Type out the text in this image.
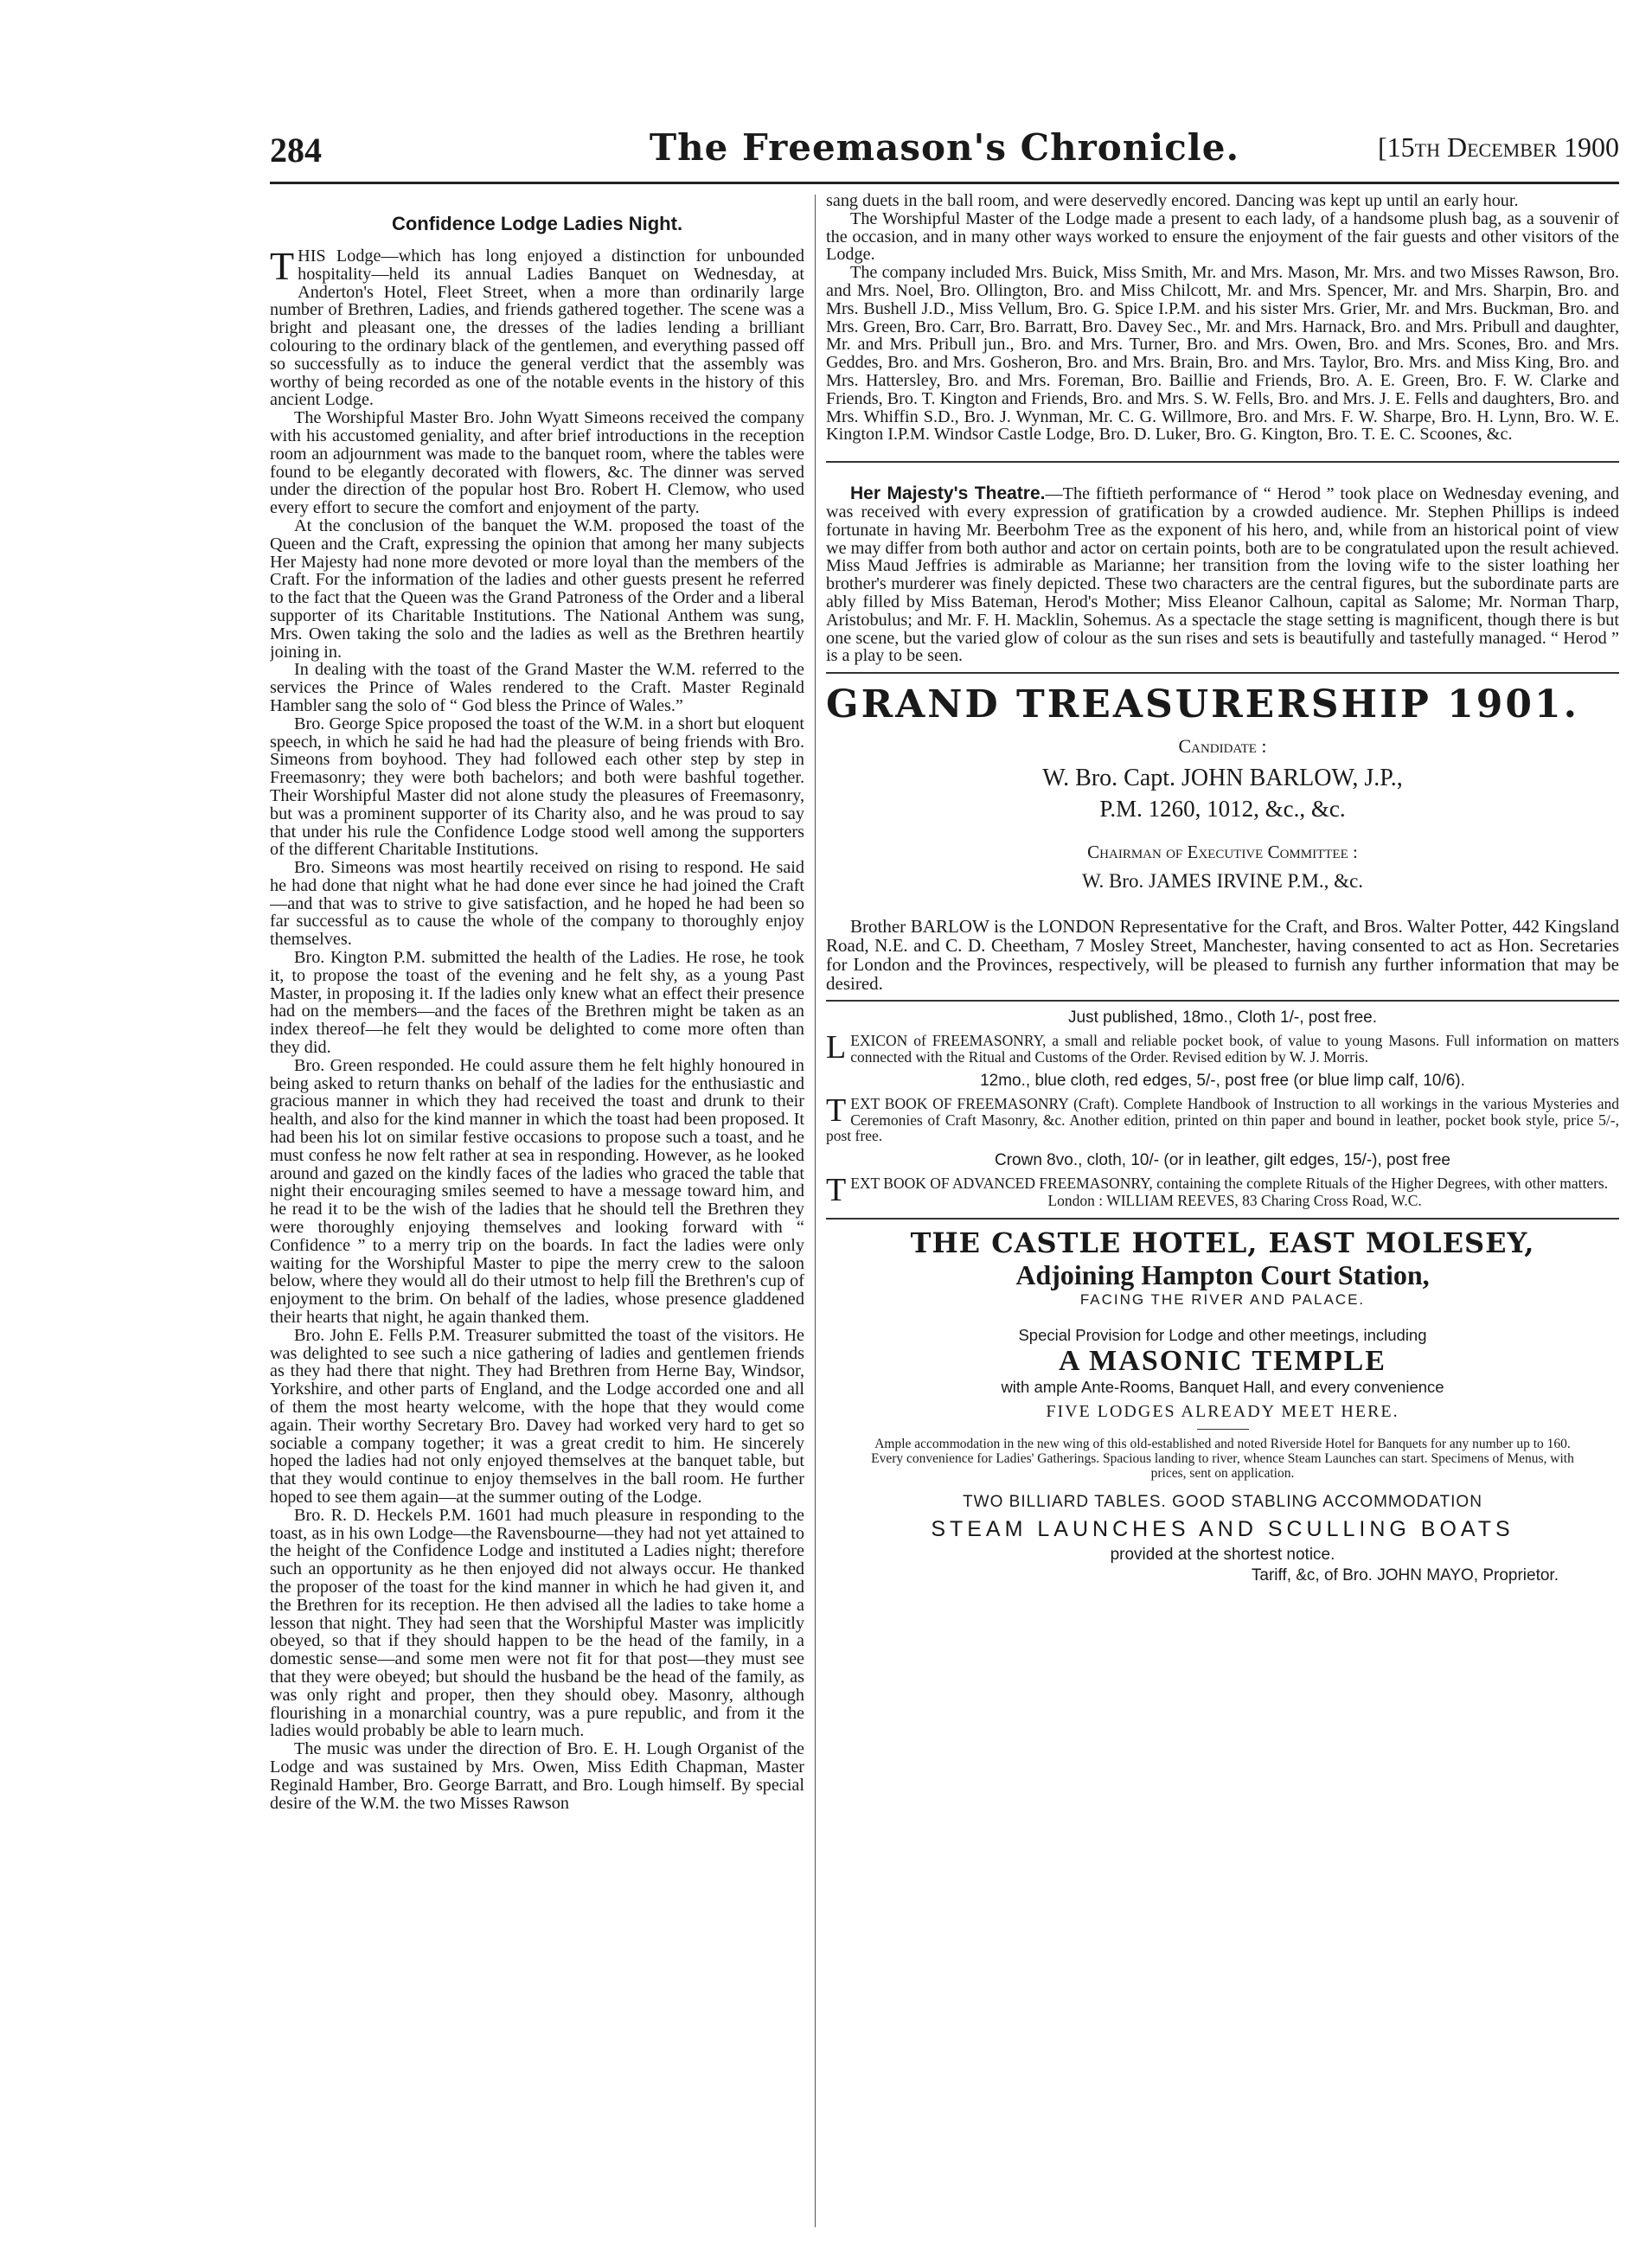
284	The Freemason's Chronicle.	[15th December 1900
Confidence Lodge Ladies Night.

THIS Lodge—which has long enjoyed a distinction for unbounded hospitality—held its annual Ladies Banquet on Wednesday, at Anderton's Hotel, Fleet Street, when a more than ordinarily large number of Brethren, Ladies, and friends gathered together. The scene was a bright and pleasant one, the dresses of the ladies lending a brilliant colouring to the ordinary black of the gentlemen, and everything passed off so successfully as to induce the general verdict that the assembly was worthy of being recorded as one of the notable events in the history of this ancient Lodge.

The Worshipful Master Bro. John Wyatt Simeons received the company with his accustomed geniality, and after brief introductions in the reception room an adjournment was made to the banquet room, where the tables were found to be elegantly decorated with flowers, &c. The dinner was served under the direction of the popular host Bro. Robert H. Clemow, who used every effort to secure the comfort and enjoyment of the party.

At the conclusion of the banquet the W.M. proposed the toast of the Queen and the Craft, expressing the opinion that among her many subjects Her Majesty had none more devoted or more loyal than the members of the Craft. For the information of the ladies and other guests present he referred to the fact that the Queen was the Grand Patroness of the Order and a liberal supporter of its Charitable Institutions. The National Anthem was sung, Mrs. Owen taking the solo and the ladies as well as the Brethren heartily joining in.

In dealing with the toast of the Grand Master the W.M. referred to the services the Prince of Wales rendered to the Craft. Master Reginald Hambler sang the solo of “ God bless the Prince of Wales.”

Bro. George Spice proposed the toast of the W.M. in a short but eloquent speech, in which he said he had had the pleasure of being friends with Bro. Simeons from boyhood. They had followed each other step by step in Freemasonry; they were both bachelors; and both were bashful together. Their Worshipful Master did not alone study the pleasures of Freemasonry, but was a prominent supporter of its Charity also, and he was proud to say that under his rule the Confidence Lodge stood well among the supporters of the different Charitable Institutions.

Bro. Simeons was most heartily received on rising to respond. He said he had done that night what he had done ever since he had joined the Craft—and that was to strive to give satisfaction, and he hoped he had been so far successful as to cause the whole of the company to thoroughly enjoy themselves.

Bro. Kington P.M. submitted the health of the Ladies. He rose, he took it, to propose the toast of the evening and he felt shy, as a young Past Master, in proposing it. If the ladies only knew what an effect their presence had on the members—and the faces of the Brethren might be taken as an index thereof—he felt they would be delighted to come more often than they did.

Bro. Green responded. He could assure them he felt highly honoured in being asked to return thanks on behalf of the ladies for the enthusiastic and gracious manner in which they had received the toast and drunk to their health, and also for the kind manner in which the toast had been proposed. It had been his lot on similar festive occasions to propose such a toast, and he must confess he now felt rather at sea in responding. However, as he looked around and gazed on the kindly faces of the ladies who graced the table that night their encouraging smiles seemed to have a message toward him, and he read it to be the wish of the ladies that he should tell the Brethren they were thoroughly enjoying themselves and looking forward with “ Confidence ” to a merry trip on the boards. In fact the ladies were only waiting for the Worshipful Master to pipe the merry crew to the saloon below, where they would all do their utmost to help fill the Brethren's cup of enjoyment to the brim. On behalf of the ladies, whose presence gladdened their hearts that night, he again thanked them.

Bro. John E. Fells P.M. Treasurer submitted the toast of the visitors. He was delighted to see such a nice gathering of ladies and gentlemen friends as they had there that night. They had Brethren from Herne Bay, Windsor, Yorkshire, and other parts of England, and the Lodge accorded one and all of them the most hearty welcome, with the hope that they would come again. Their worthy Secretary Bro. Davey had worked very hard to get so sociable a company together; it was a great credit to him. He sincerely hoped the ladies had not only enjoyed themselves at the banquet table, but that they would continue to enjoy themselves in the ball room. He further hoped to see them again—at the summer outing of the Lodge.

Bro. R. D. Heckels P.M. 1601 had much pleasure in responding to the toast, as in his own Lodge—the Ravensbourne—they had not yet attained to the height of the Confidence Lodge and instituted a Ladies night; therefore such an opportunity as he then enjoyed did not always occur. He thanked the proposer of the toast for the kind manner in which he had given it, and the Brethren for its reception. He then advised all the ladies to take home a lesson that night. They had seen that the Worshipful Master was implicitly obeyed, so that if they should happen to be the head of the family, in a domestic sense—and some men were not fit for that post—they must see that they were obeyed; but should the husband be the head of the family, as was only right and proper, then they should obey. Masonry, although flourishing in a monarchial country, was a pure republic, and from it the ladies would probably be able to learn much.

The music was under the direction of Bro. E. H. Lough Organist of the Lodge and was sustained by Mrs. Owen, Miss Edith Chapman, Master Reginald Hamber, Bro. George Barratt, and Bro. Lough himself. By special desire of the W.M. the two Misses Rawson

sang duets in the ball room, and were deservedly encored. Dancing was kept up until an early hour.

The Worshipful Master of the Lodge made a present to each lady, of a handsome plush bag, as a souvenir of the occasion, and in many other ways worked to ensure the enjoyment of the fair guests and other visitors of the Lodge.

The company included Mrs. Buick, Miss Smith, Mr. and Mrs. Mason, Mr. Mrs. and two Misses Rawson, Bro. and Mrs. Noel, Bro. Ollington, Bro. and Miss Chilcott, Mr. and Mrs. Spencer, Mr. and Mrs. Sharpin, Bro. and Mrs. Bushell J.D., Miss Vellum, Bro. G. Spice I.P.M. and his sister Mrs. Grier, Mr. and Mrs. Buckman, Bro. and Mrs. Green, Bro. Carr, Bro. Barratt, Bro. Davey Sec., Mr. and Mrs. Harnack, Bro. and Mrs. Pribull and daughter, Mr. and Mrs. Pribull jun., Bro. and Mrs. Turner, Bro. and Mrs. Owen, Bro. and Mrs. Scones, Bro. and Mrs. Geddes, Bro. and Mrs. Gosheron, Bro. and Mrs. Brain, Bro. and Mrs. Taylor, Bro. Mrs. and Miss King, Bro. and Mrs. Hattersley, Bro. and Mrs. Foreman, Bro. Baillie and Friends, Bro. A. E. Green, Bro. F. W. Clarke and Friends, Bro. T. Kington and Friends, Bro. and Mrs. S. W. Fells, Bro. and Mrs. J. E. Fells and daughters, Bro. and Mrs. Whiffin S.D., Bro. J. Wynman, Mr. C. G. Willmore, Bro. and Mrs. F. W. Sharpe, Bro. H. Lynn, Bro. W. E. Kington I.P.M. Windsor Castle Lodge, Bro. D. Luker, Bro. G. Kington, Bro. T. E. C. Scoones, &c.

Her Majesty's Theatre.—The fiftieth performance of “ Herod ” took place on Wednesday evening, and was received with every expression of gratification by a crowded audience. Mr. Stephen Phillips is indeed fortunate in having Mr. Beerbohm Tree as the exponent of his hero, and, while from an historical point of view we may differ from both author and actor on certain points, both are to be congratulated upon the result achieved. Miss Maud Jeffries is admirable as Marianne; her transition from the loving wife to the sister loathing her brother's murderer was finely depicted. These two characters are the central figures, but the subordinate parts are ably filled by Miss Bateman, Herod's Mother; Miss Eleanor Calhoun, capital as Salome; Mr. Norman Tharp, Aristobulus; and Mr. F. H. Macklin, Sohemus. As a spectacle the stage setting is magnificent, though there is but one scene, but the varied glow of colour as the sun rises and sets is beautifully and tastefully managed. “ Herod ” is a play to be seen.

GRAND TREASURERSHIP 1901.
Candidate :
W. Bro. Capt. JOHN BARLOW, J.P.,
P.M. 1260, 1012, &c., &c.
Chairman of Executive Committee :
W. Bro. JAMES IRVINE P.M., &c.

Brother BARLOW is the LONDON Representative for the Craft, and Bros. Walter Potter, 442 Kingsland Road, N.E. and C. D. Cheetham, 7 Mosley Street, Manchester, having consented to act as Hon. Secretaries for London and the Provinces, respectively, will be pleased to furnish any further information that may be desired.

Just published, 18mo., Cloth 1/-, post free.

LEXICON of FREEMASONRY, a small and reliable pocket book, of value to young Masons. Full information on matters connected with the Ritual and Customs of the Order. Revised edition by W. J. Morris.

12mo., blue cloth, red edges, 5/-, post free (or blue limp calf, 10/6).

TEXT BOOK OF FREEMASONRY (Craft). Complete Handbook of Instruction to all workings in the various Mysteries and Ceremonies of Craft Masonry, &c. Another edition, printed on thin paper and bound in leather, pocket book style, price 5/-, post free.

Crown 8vo., cloth, 10/- (or in leather, gilt edges, 15/-), post free

TEXT BOOK OF ADVANCED FREEMASONRY, containing the complete Rituals of the Higher Degrees, with other matters.

London : WILLIAM REEVES, 83 Charing Cross Road, W.C.
THE CASTLE HOTEL, EAST MOLESEY,
Adjoining Hampton Court Station,
FACING THE RIVER AND PALACE.
Special Provision for Lodge and other meetings, including
A MASONIC TEMPLE
with ample Ante-Rooms, Banquet Hall, and every convenience
FIVE LODGES ALREADY MEET HERE.
Ample accommodation in the new wing of this old-established and noted Riverside Hotel for Banquets for any number up to 160. Every convenience for Ladies' Gatherings. Spacious landing to river, whence Steam Launches can start. Specimens of Menus, with prices, sent on application.
TWO BILLIARD TABLES. GOOD STABLING ACCOMMODATION
STEAM LAUNCHES AND SCULLING BOATS
provided at the shortest notice.
Tariff, &c, of Bro. JOHN MAYO, Proprietor.
